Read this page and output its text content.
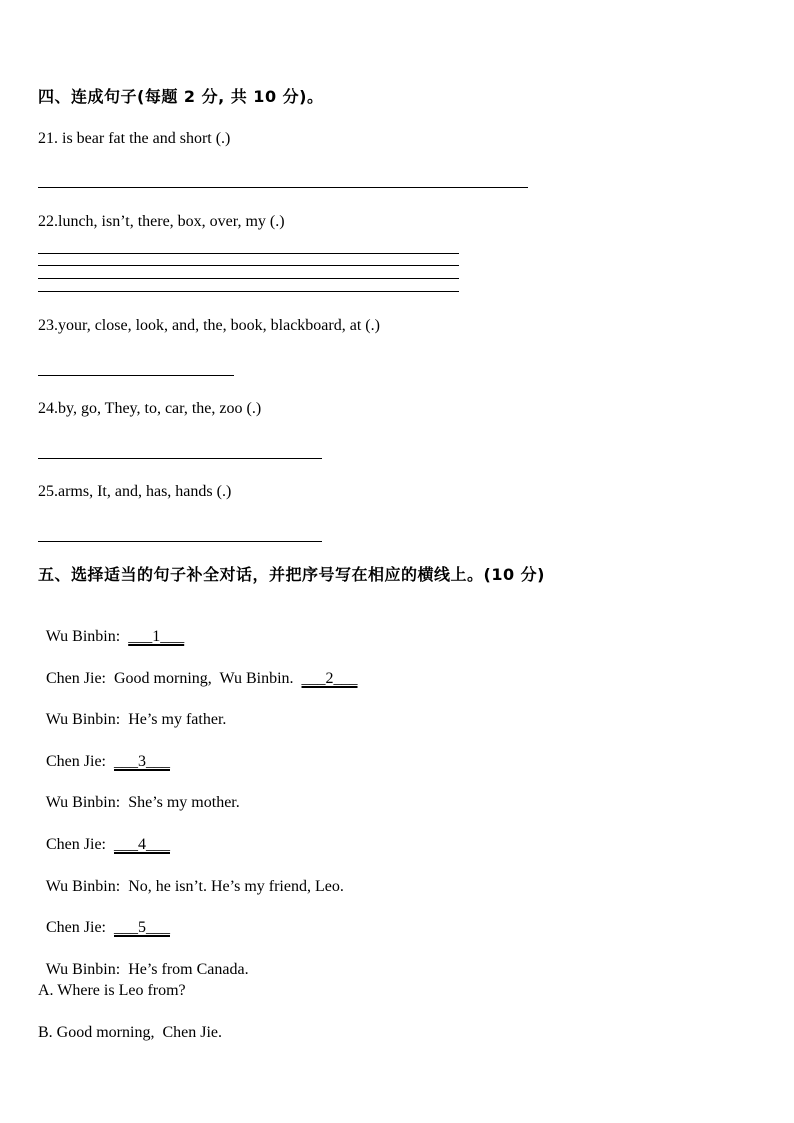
四、连成句子(每题 2 分, 共 10 分)。
21. is bear fat the and short (.)
22.lunch, isn’t, there, box, over, my (.)
23.your, close, look, and, the, book, blackboard, at (.)
24.by, go, They, to, car, the, zoo (.)
25.arms, It, and, has, hands (.)
五、选择适当的句子补全对话，并把序号写在相应的横线上。(10 分)

Wu Binbin: ___1___

Chen Jie: Good morning,  Wu Binbin. ___2___

Wu Binbin: He’s my father.

Chen Jie: ___3___

Wu Binbin: She’s my mother.

Chen Jie: ___4___

Wu Binbin: No, he isn’t. He’s my friend, Leo.

Chen Jie: ___5___

Wu Binbin: He’s from Canada.

A. Where is Leo from?
B. Good morning,  Chen Jie.
